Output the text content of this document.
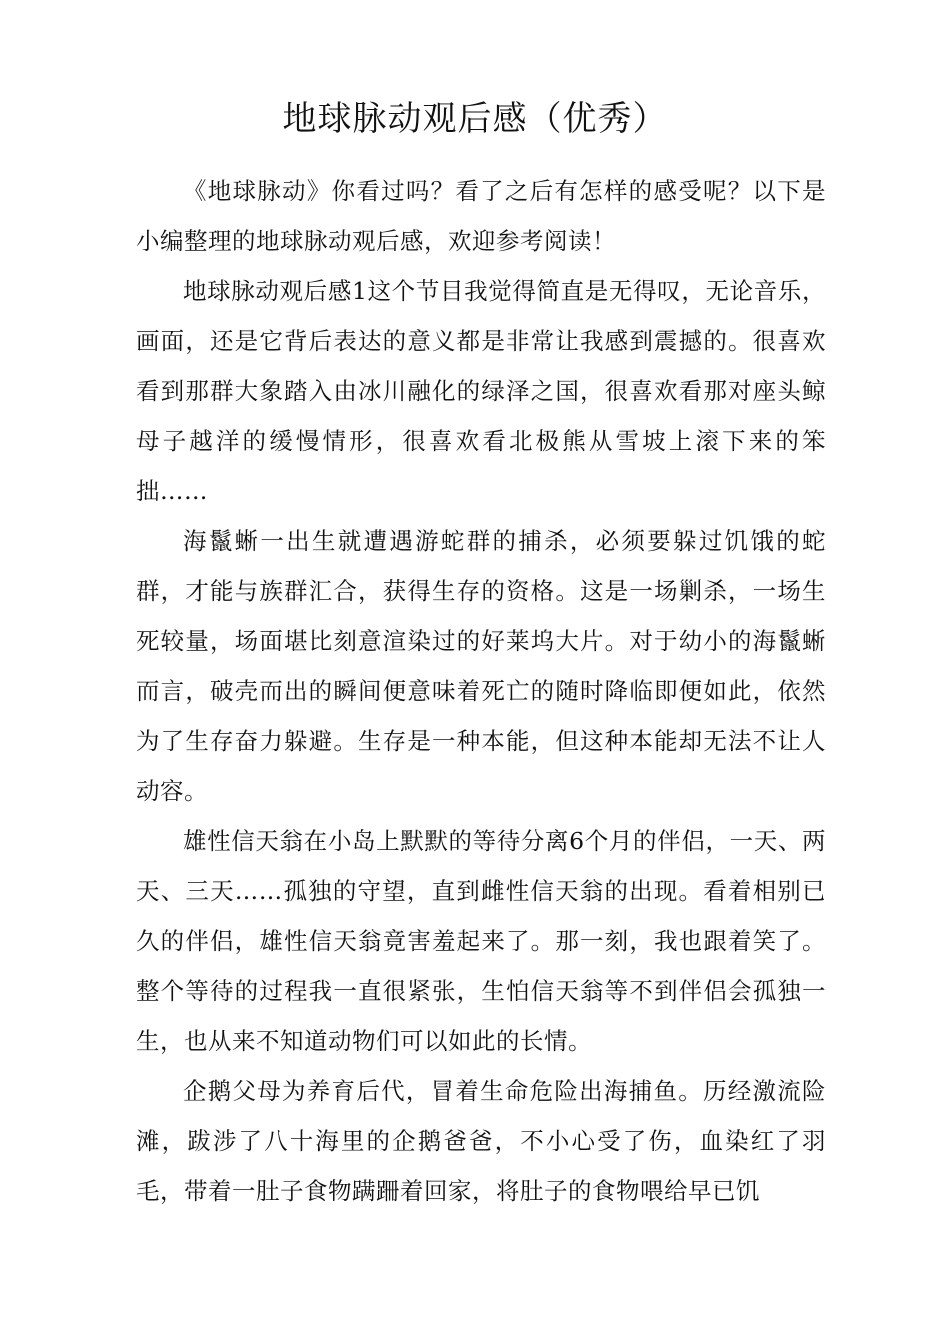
地球脉动观后感（优秀）

《地球脉动》你看过吗？看了之后有怎样的感受呢？以下是小编整理的地球脉动观后感，欢迎参考阅读！

地球脉动观后感1这个节目我觉得简直是无得叹，无论音乐，画面，还是它背后表达的意义都是非常让我感到震撼的。很喜欢看到那群大象踏入由冰川融化的绿泽之国，很喜欢看那对座头鲸母子越洋的缓慢情形，很喜欢看北极熊从雪坡上滚下来的笨拙……

海鬣蜥一出生就遭遇游蛇群的捕杀，必须要躲过饥饿的蛇群，才能与族群汇合，获得生存的资格。这是一场剿杀，一场生死较量，场面堪比刻意渲染过的好莱坞大片。对于幼小的海鬣蜥而言，破壳而出的瞬间便意味着死亡的随时降临即便如此，依然为了生存奋力躲避。生存是一种本能，但这种本能却无法不让人动容。

雄性信天翁在小岛上默默的等待分离6个月的伴侣，一天、两天、三天……孤独的守望，直到雌性信天翁的出现。看着相别已久的伴侣，雄性信天翁竟害羞起来了。那一刻，我也跟着笑了。整个等待的过程我一直很紧张，生怕信天翁等不到伴侣会孤独一生，也从来不知道动物们可以如此的长情。

企鹅父母为养育后代，冒着生命危险出海捕鱼。历经激流险滩，跋涉了八十海里的企鹅爸爸，不小心受了伤，血染红了羽毛，带着一肚子食物蹒跚着回家，将肚子的食物喂给早已饥
